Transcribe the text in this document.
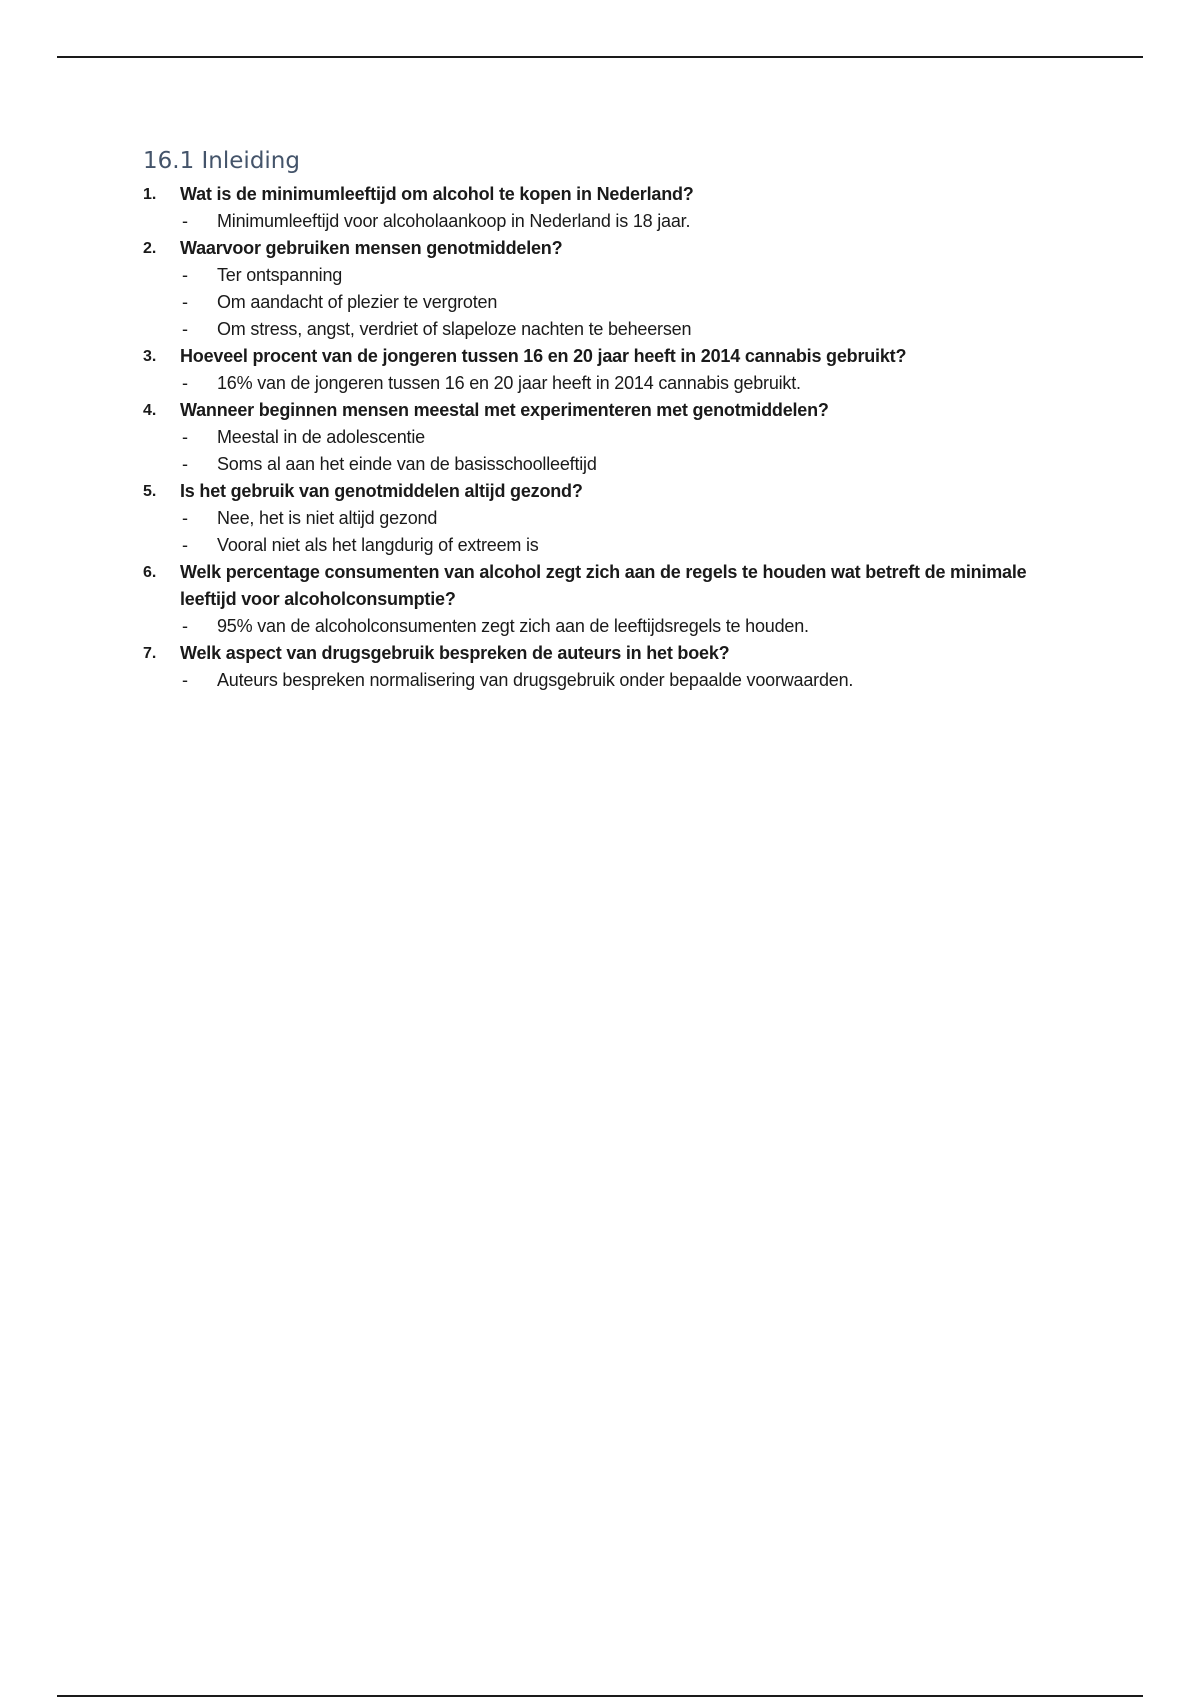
16.1 Inleiding
1. Wat is de minimumleeftijd om alcohol te kopen in Nederland?
- Minimumleeftijd voor alcoholaankoop in Nederland is 18 jaar.
2. Waarvoor gebruiken mensen genotmiddelen?
- Ter ontspanning
- Om aandacht of plezier te vergroten
- Om stress, angst, verdriet of slapeloze nachten te beheersen
3. Hoeveel procent van de jongeren tussen 16 en 20 jaar heeft in 2014 cannabis gebruikt?
- 16% van de jongeren tussen 16 en 20 jaar heeft in 2014 cannabis gebruikt.
4. Wanneer beginnen mensen meestal met experimenteren met genotmiddelen?
- Meestal in de adolescentie
- Soms al aan het einde van de basisschoolleeftijd
5. Is het gebruik van genotmiddelen altijd gezond?
- Nee, het is niet altijd gezond
- Vooral niet als het langdurig of extreem is
6. Welk percentage consumenten van alcohol zegt zich aan de regels te houden wat betreft de minimale leeftijd voor alcoholconsumptie?
- 95% van de alcoholconsumenten zegt zich aan de leeftijdsregels te houden.
7. Welk aspect van drugsgebruik bespreken de auteurs in het boek?
- Auteurs bespreken normalisering van drugsgebruik onder bepaalde voorwaarden.
